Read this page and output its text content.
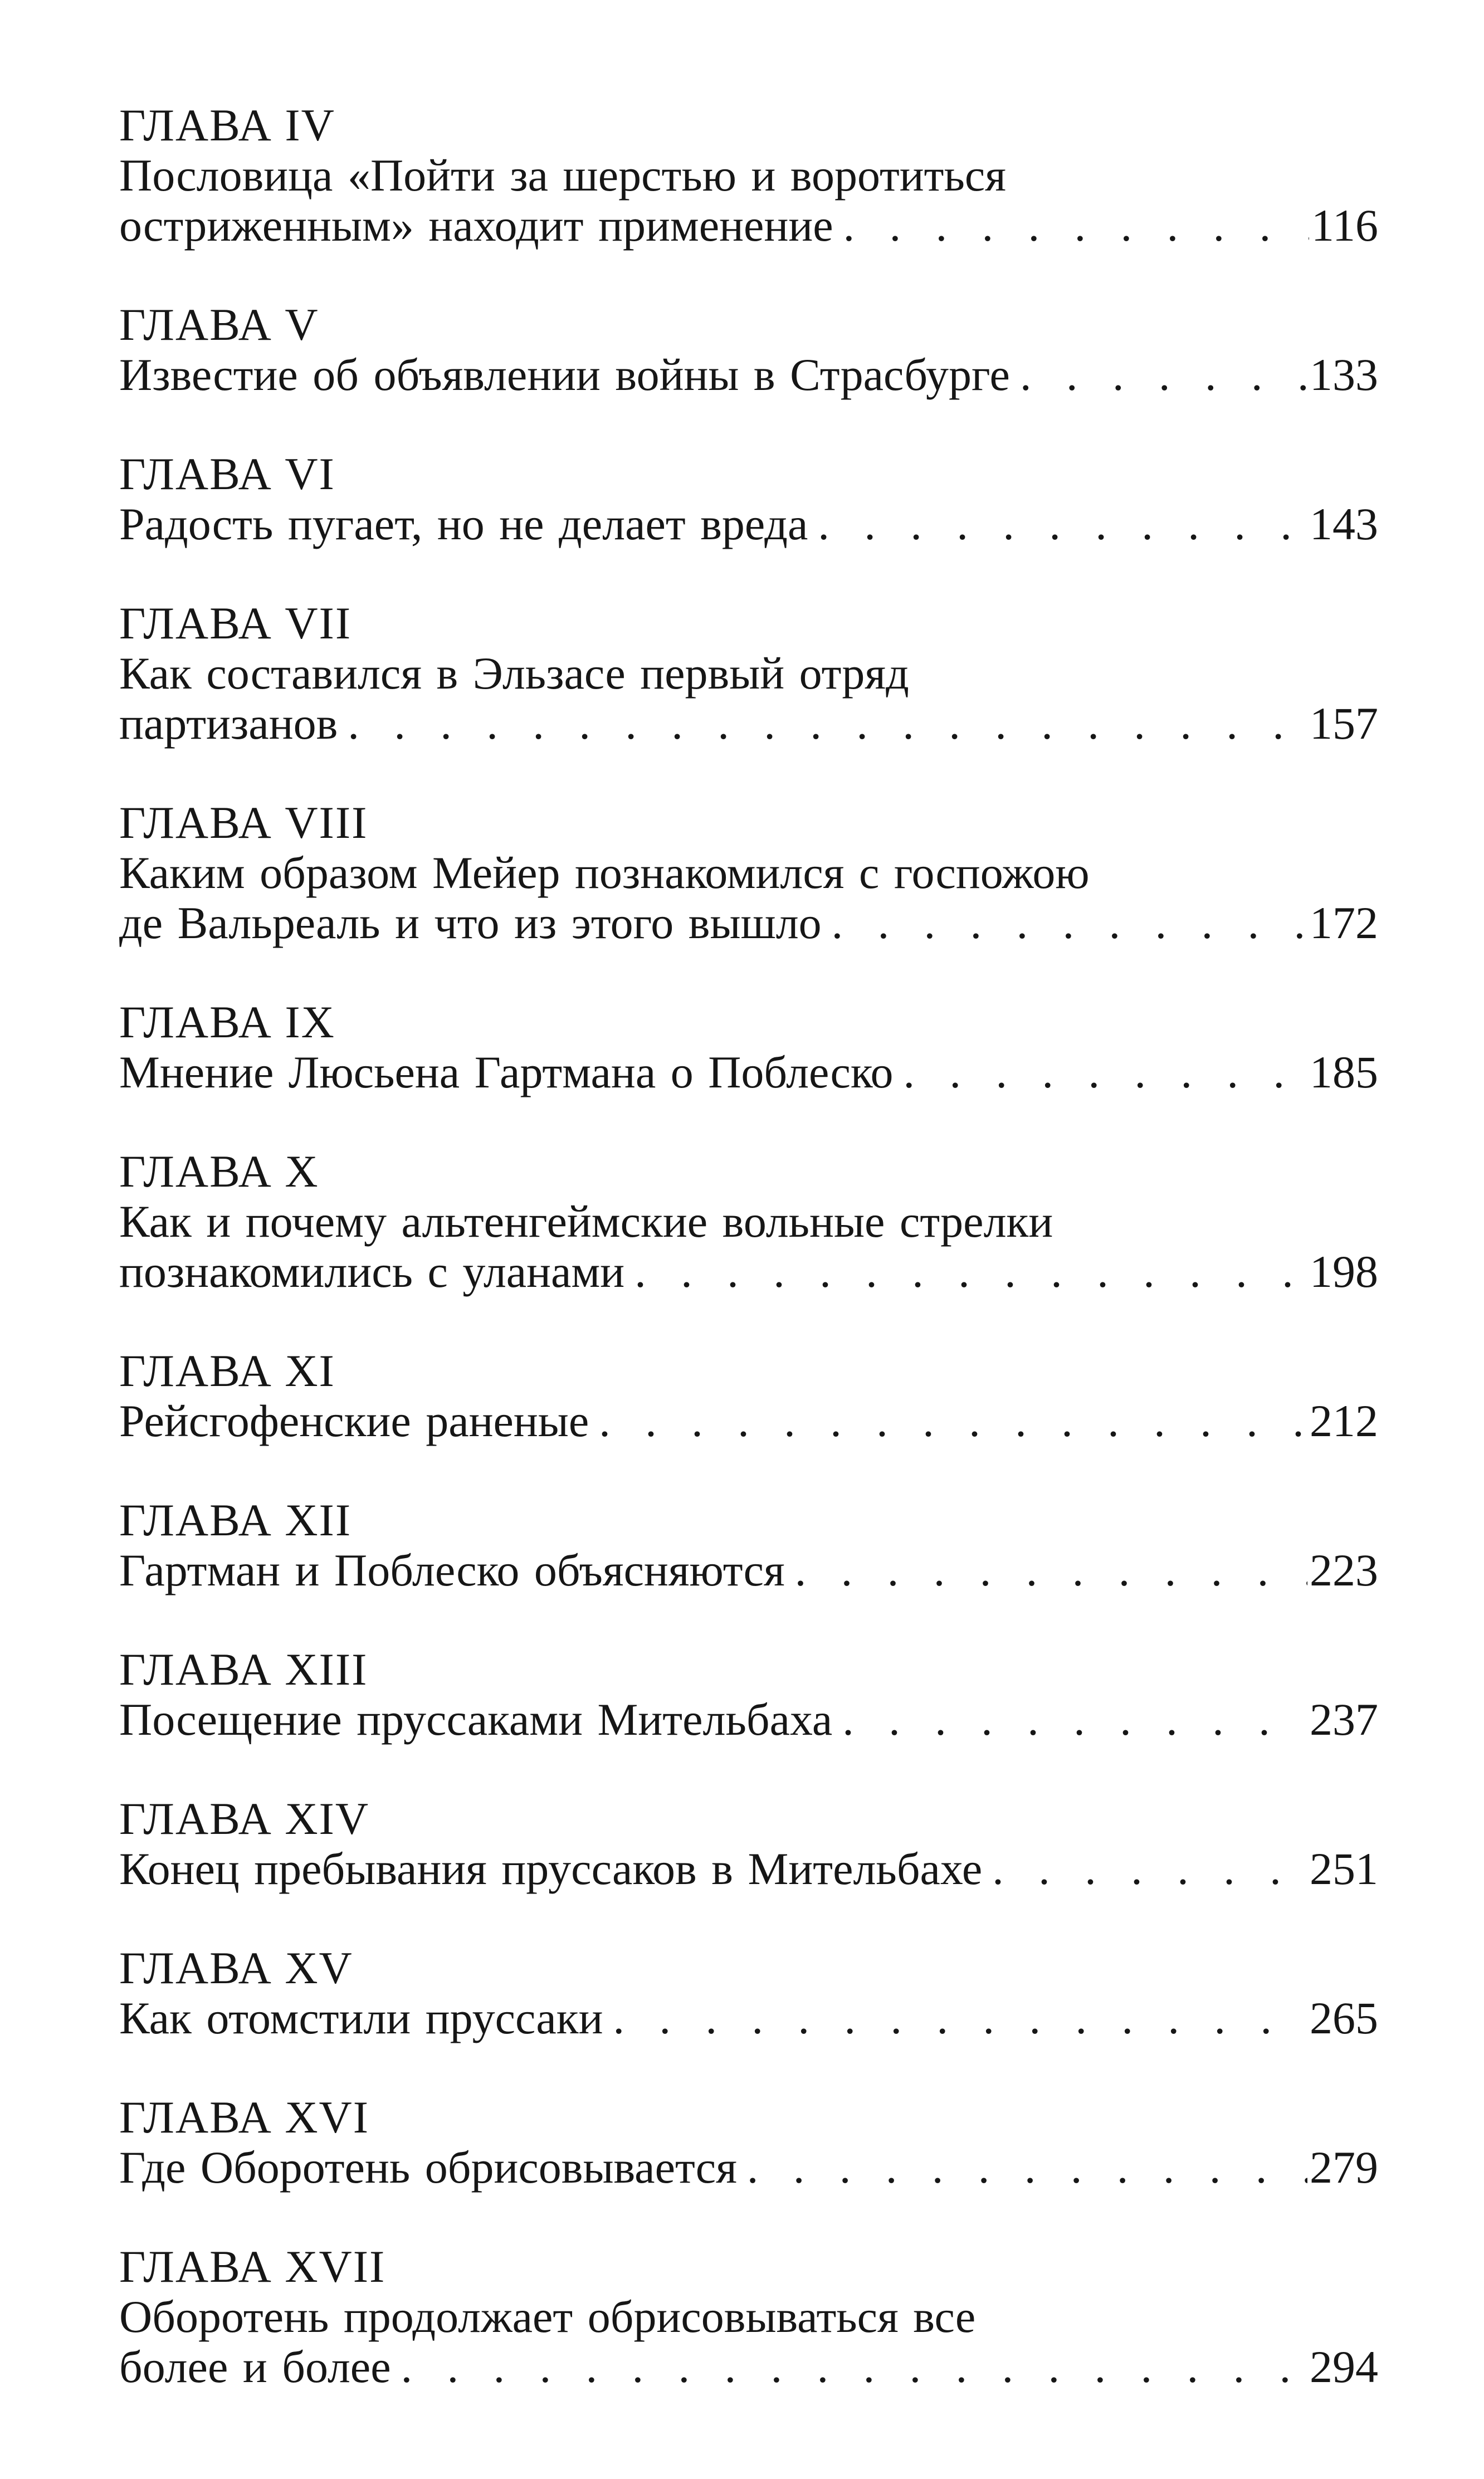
ГЛАВА IV
Пословица «Пойти за шерстью и воротиться
остриженным» находит применение . . .	116
ГЛАВА V
Известие об объявлении войны в Страсбурге . . .	133
ГЛАВА VI
Радость пугает, но не делает вреда . . .	143
ГЛАВА VII
Как составился в Эльзасе первый отряд
партизанов . . .	157
ГЛАВА VIII
Каким образом Мейер познакомился с госпожою
де Вальреаль и что из этого вышло . . .	172
ГЛАВА IX
Мнение Люсьена Гартмана о Поблеско . . .	185
ГЛАВА X
Как и почему альтенгеймские вольные стрелки
познакомились с уланами . . .	198
ГЛАВА XI
Рейсгофенские раненые . . .	212
ГЛАВА XII
Гартман и Поблеско объясняются . . .	223
ГЛАВА XIII
Посещение пруссаками Мительбаха . . .	237
ГЛАВА XIV
Конец пребывания пруссаков в Мительбахе . . .	251
ГЛАВА XV
Как отомстили пруссаки . . .	265
ГЛАВА XVI
Где Оборотень обрисовывается . . .	279
ГЛАВА XVII
Оборотень продолжает обрисовываться все
более и более . . .	294
